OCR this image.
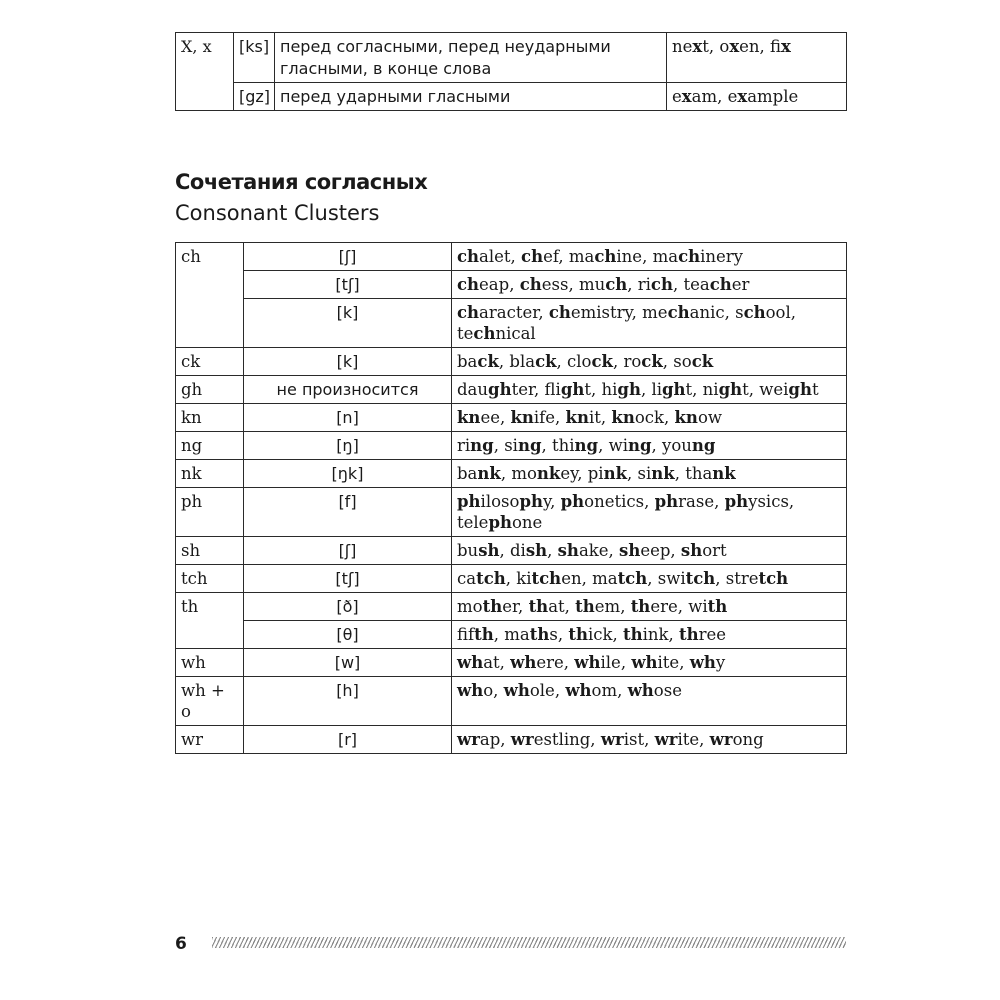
X, x	[ks]	перед согласными, перед неударными гласными, в конце слова	next, oxen, fix
	[gz]	перед ударными гласными	exam, example
Сочетания согласных
Consonant Clusters
ch	[ʃ]	chalet, chef, machine, machinery
	[tʃ]	cheap, chess, much, rich, teacher
	[k]	character, chemistry, mechanic, school, technical
ck	[k]	back, black, clock, rock, sock
gh	не произносится	daughter, flight, high, light, night, weight
kn	[n]	knee, knife, knit, knock, know
ng	[ŋ]	ring, sing, thing, wing, young
nk	[ŋk]	bank, monkey, pink, sink, thank
ph	[f]	philosophy, phonetics, phrase, physics, telephone
sh	[ʃ]	bush, dish, shake, sheep, short
tch	[tʃ]	catch, kitchen, match, switch, stretch
th	[ð]	mother, that, them, there, with
	[θ]	fifth, maths, thick, think, three
wh	[w]	what, where, while, white, why
wh + o	[h]	who, whole, whom, whose
wr	[r]	wrap, wrestling, wrist, write, wrong
6
